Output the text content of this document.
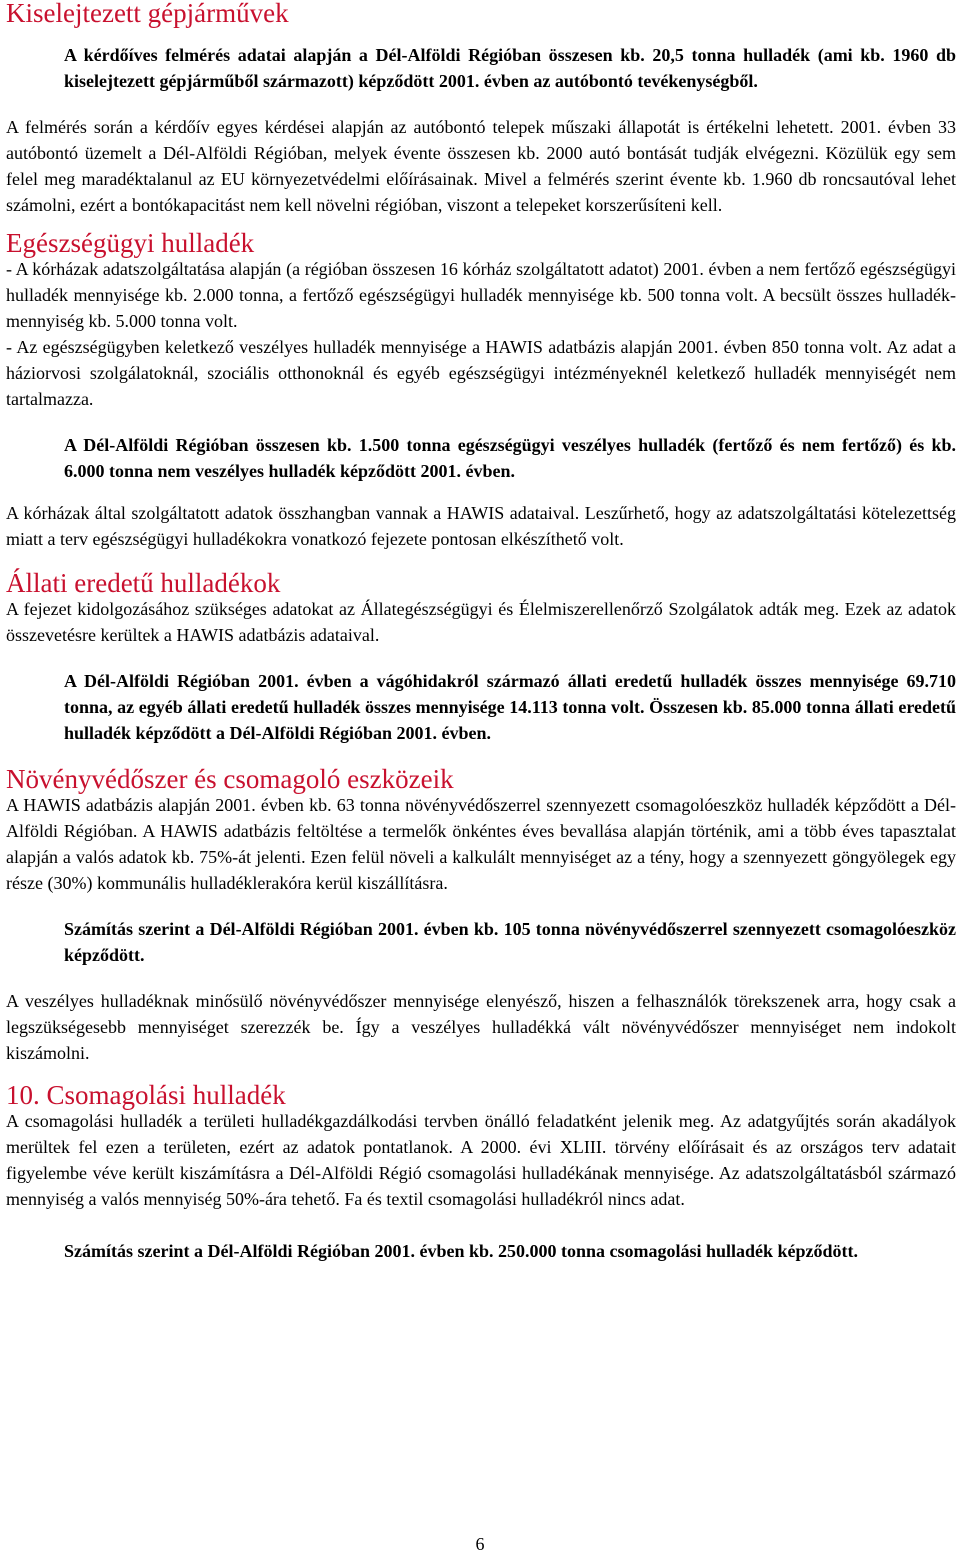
Kiselejtezett gépjárművek

A kérdőíves felmérés adatai alapján a Dél-Alföldi Régióban összesen kb. 20,5 tonna hulladék (ami kb. 1960 db kiselejtezett gépjárműből származott) képződött 2001. évben az autóbontó tevékenységből.

A felmérés során a kérdőív egyes kérdései alapján az autóbontó telepek műszaki állapotát is értékelni lehetett. 2001. évben 33 autóbontó üzemelt a Dél-Alföldi Régióban, melyek évente összesen kb. 2000 autó bontását tudják elvégezni. Közülük egy sem felel meg maradéktalanul az EU környezetvédelmi előírásainak. Mivel a felmérés szerint évente kb. 1.960 db roncsautóval lehet számolni, ezért a bontókapacitást nem kell növelni régióban, viszont a telepeket korszerűsíteni kell.

Egészségügyi hulladék

- A kórházak adatszolgáltatása alapján (a régióban összesen 16 kórház szolgáltatott adatot) 2001. évben a nem fertőző egészségügyi hulladék mennyisége kb. 2.000 tonna, a fertőző egészségügyi hulladék mennyisége kb. 500 tonna volt. A becsült összes hulladék-mennyiség kb. 5.000 tonna volt.

- Az egészségügyben keletkező veszélyes hulladék mennyisége a HAWIS adatbázis alapján 2001. évben 850 tonna volt. Az adat a háziorvosi szolgálatoknál, szociális otthonoknál és egyéb egészségügyi intézményeknél keletkező hulladék mennyiségét nem tartalmazza.

A Dél-Alföldi Régióban összesen kb. 1.500 tonna egészségügyi veszélyes hulladék (fertőző és nem fertőző) és kb. 6.000 tonna nem veszélyes hulladék képződött 2001. évben.

A kórházak által szolgáltatott adatok összhangban vannak a HAWIS adataival. Leszűrhető, hogy az adatszolgáltatási kötelezettség miatt a terv egészségügyi hulladékokra vonatkozó fejezete pontosan elkészíthető volt.

Állati eredetű hulladékok

A fejezet kidolgozásához szükséges adatokat az Állategészségügyi és Élelmiszerellenőrző Szolgálatok adták meg. Ezek az adatok összevetésre kerültek a HAWIS adatbázis adataival.

A Dél-Alföldi Régióban 2001. évben a vágóhidakról származó állati eredetű hulladék összes mennyisége 69.710 tonna, az egyéb állati eredetű hulladék összes mennyisége 14.113 tonna volt. Összesen kb. 85.000 tonna állati eredetű hulladék képződött a Dél-Alföldi Régióban 2001. évben.

Növényvédőszer és csomagoló eszközeik

A HAWIS adatbázis alapján 2001. évben kb. 63 tonna növényvédőszerrel szennyezett csomagolóeszköz hulladék képződött a Dél-Alföldi Régióban. A HAWIS adatbázis feltöltése a termelők önkéntes éves bevallása alapján történik, ami a több éves tapasztalat alapján a valós adatok kb. 75%-át jelenti. Ezen felül növeli a kalkulált mennyiséget az a tény, hogy a szennyezett göngyölegek egy része (30%) kommunális hulladéklerakóra kerül kiszállításra.

Számítás szerint a Dél-Alföldi Régióban 2001. évben kb. 105 tonna növényvédőszerrel szennyezett csomagolóeszköz képződött.

A veszélyes hulladéknak minősülő növényvédőszer mennyisége elenyésző, hiszen a felhasználók törekszenek arra, hogy csak a legszükségesebb mennyiséget szerezzék be. Így a veszélyes hulladékká vált növényvédőszer mennyiséget nem indokolt kiszámolni.

10. Csomagolási hulladék

A csomagolási hulladék a területi hulladékgazdálkodási tervben önálló feladatként jelenik meg. Az adatgyűjtés során akadályok merültek fel ezen a területen, ezért az adatok pontatlanok. A 2000. évi XLIII. törvény előírásait és az országos terv adatait figyelembe véve került kiszámításra a Dél-Alföldi Régió csomagolási hulladékának mennyisége. Az adatszolgáltatásból származó mennyiség a valós mennyiség 50%-ára tehető. Fa és textil csomagolási hulladékról nincs adat.

Számítás szerint a Dél-Alföldi Régióban 2001. évben kb. 250.000 tonna csomagolási hulladék képződött.

6
